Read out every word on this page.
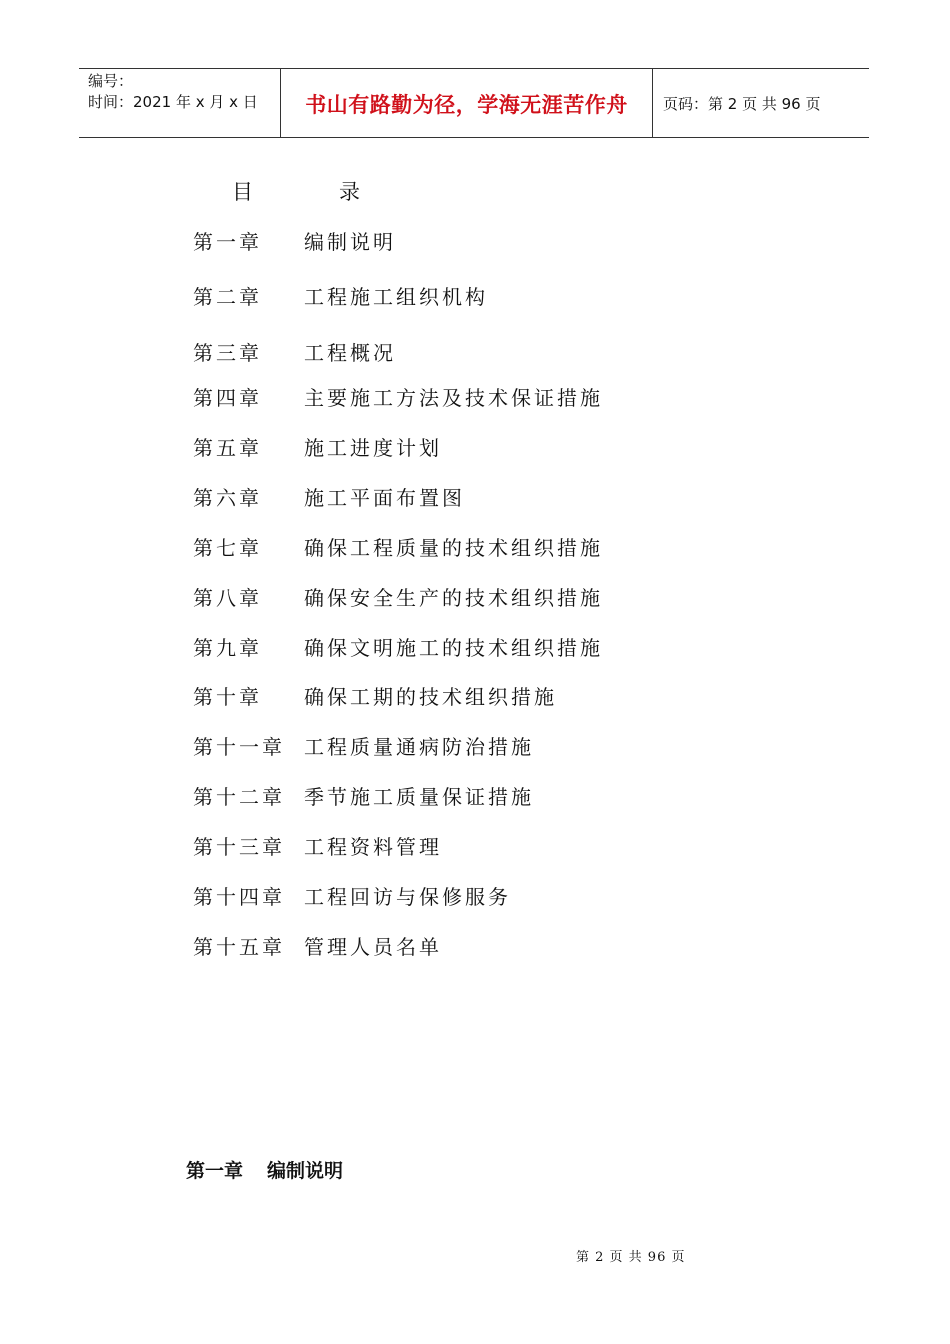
编号：
时间：2021 年 x 月 x 日	书山有路勤为径，学海无涯苦作舟 页码：第 2 页 共 96 页
目	录
第一章 编制说明
第二章 工程施工组织机构
第三章 工程概况
第四章 主要施工方法及技术保证措施
第五章 施工进度计划
第六章 施工平面布置图
第七章 确保工程质量的技术组织措施
第八章 确保安全生产的技术组织措施
第九章 确保文明施工的技术组织措施
第十章 确保工期的技术组织措施
第十一章 工程质量通病防治措施
第十二章 季节施工质量保证措施
第十三章 工程资料管理
第十四章 工程回访与保修服务
第十五章 管理人员名单
第一章 编制说明
第 2 页 共 96 页
